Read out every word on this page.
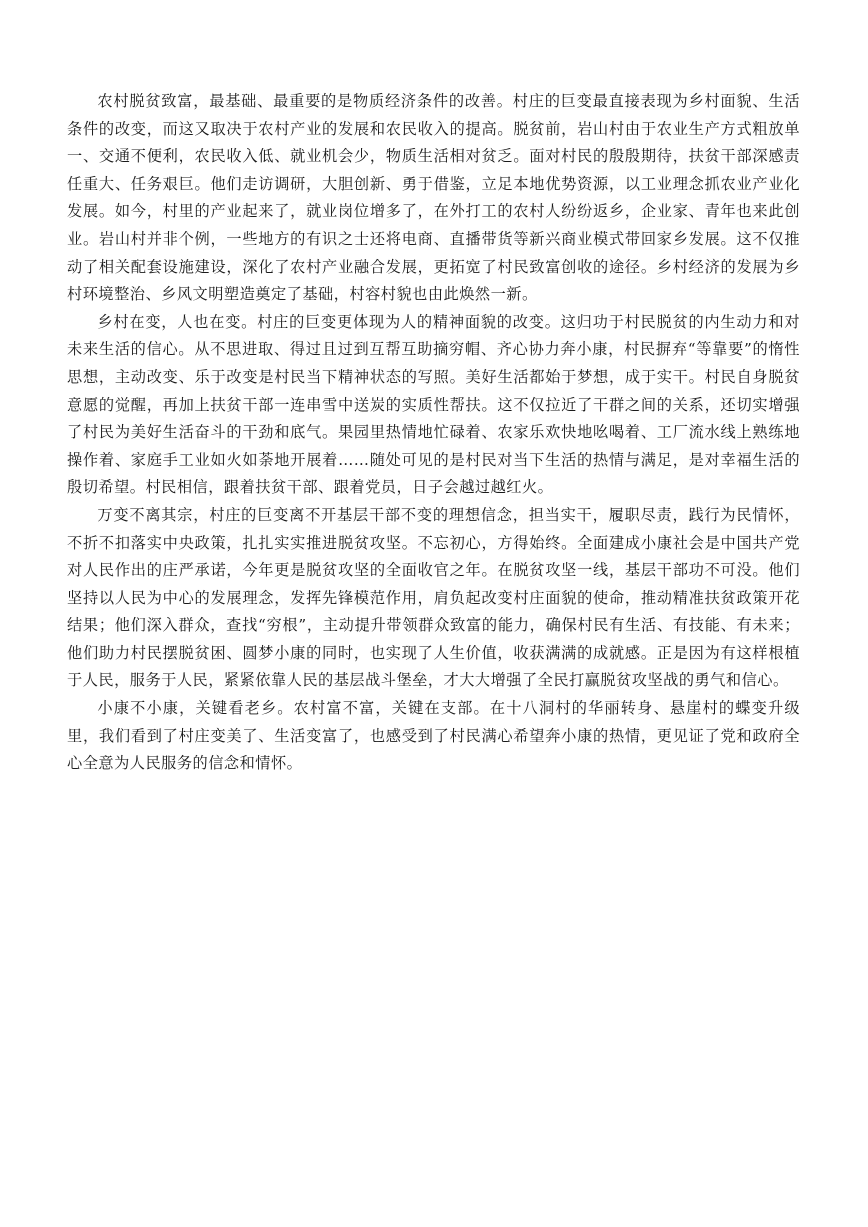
农村脱贫致富，最基础、最重要的是物质经济条件的改善。村庄的巨变最直接表现为乡村面貌、生活条件的改变，而这又取决于农村产业的发展和农民收入的提高。脱贫前，岩山村由于农业生产方式粗放单一、交通不便利，农民收入低、就业机会少，物质生活相对贫乏。面对村民的殷殷期待，扶贫干部深感责任重大、任务艰巨。他们走访调研，大胆创新、勇于借鉴，立足本地优势资源，以工业理念抓农业产业化发展。如今，村里的产业起来了，就业岗位增多了，在外打工的农村人纷纷返乡，企业家、青年也来此创业。岩山村并非个例，一些地方的有识之士还将电商、直播带货等新兴商业模式带回家乡发展。这不仅推动了相关配套设施建设，深化了农村产业融合发展，更拓宽了村民致富创收的途径。乡村经济的发展为乡村环境整治、乡风文明塑造奠定了基础，村容村貌也由此焕然一新。

乡村在变，人也在变。村庄的巨变更体现为人的精神面貌的改变。这归功于村民脱贫的内生动力和对未来生活的信心。从不思进取、得过且过到互帮互助摘穷帽、齐心协力奔小康，村民摒弃“等靠要”的惰性思想，主动改变、乐于改变是村民当下精神状态的写照。美好生活都始于梦想，成于实干。村民自身脱贫意愿的觉醒，再加上扶贫干部一连串雪中送炭的实质性帮扶。这不仅拉近了干群之间的关系，还切实增强了村民为美好生活奋斗的干劲和底气。果园里热情地忙碌着、农家乐欢快地吆喝着、工厂流水线上熟练地操作着、家庭手工业如火如荼地开展着……随处可见的是村民对当下生活的热情与满足，是对幸福生活的殷切希望。村民相信，跟着扶贫干部、跟着党员，日子会越过越红火。

万变不离其宗，村庄的巨变离不开基层干部不变的理想信念，担当实干，履职尽责，践行为民情怀，不折不扣落实中央政策，扎扎实实推进脱贫攻坚。不忘初心，方得始终。全面建成小康社会是中国共产党对人民作出的庄严承诺，今年更是脱贫攻坚的全面收官之年。在脱贫攻坚一线，基层干部功不可没。他们坚持以人民为中心的发展理念，发挥先锋模范作用，肩负起改变村庄面貌的使命，推动精准扶贫政策开花结果；他们深入群众，查找“穷根”，主动提升带领群众致富的能力，确保村民有生活、有技能、有未来；他们助力村民摆脱贫困、圆梦小康的同时，也实现了人生价值，收获满满的成就感。正是因为有这样根植于人民，服务于人民，紧紧依靠人民的基层战斗堡垒，才大大增强了全民打赢脱贫攻坚战的勇气和信心。

小康不小康，关键看老乡。农村富不富，关键在支部。在十八洞村的华丽转身、悬崖村的蝶变升级里，我们看到了村庄变美了、生活变富了，也感受到了村民满心希望奔小康的热情，更见证了党和政府全心全意为人民服务的信念和情怀。
